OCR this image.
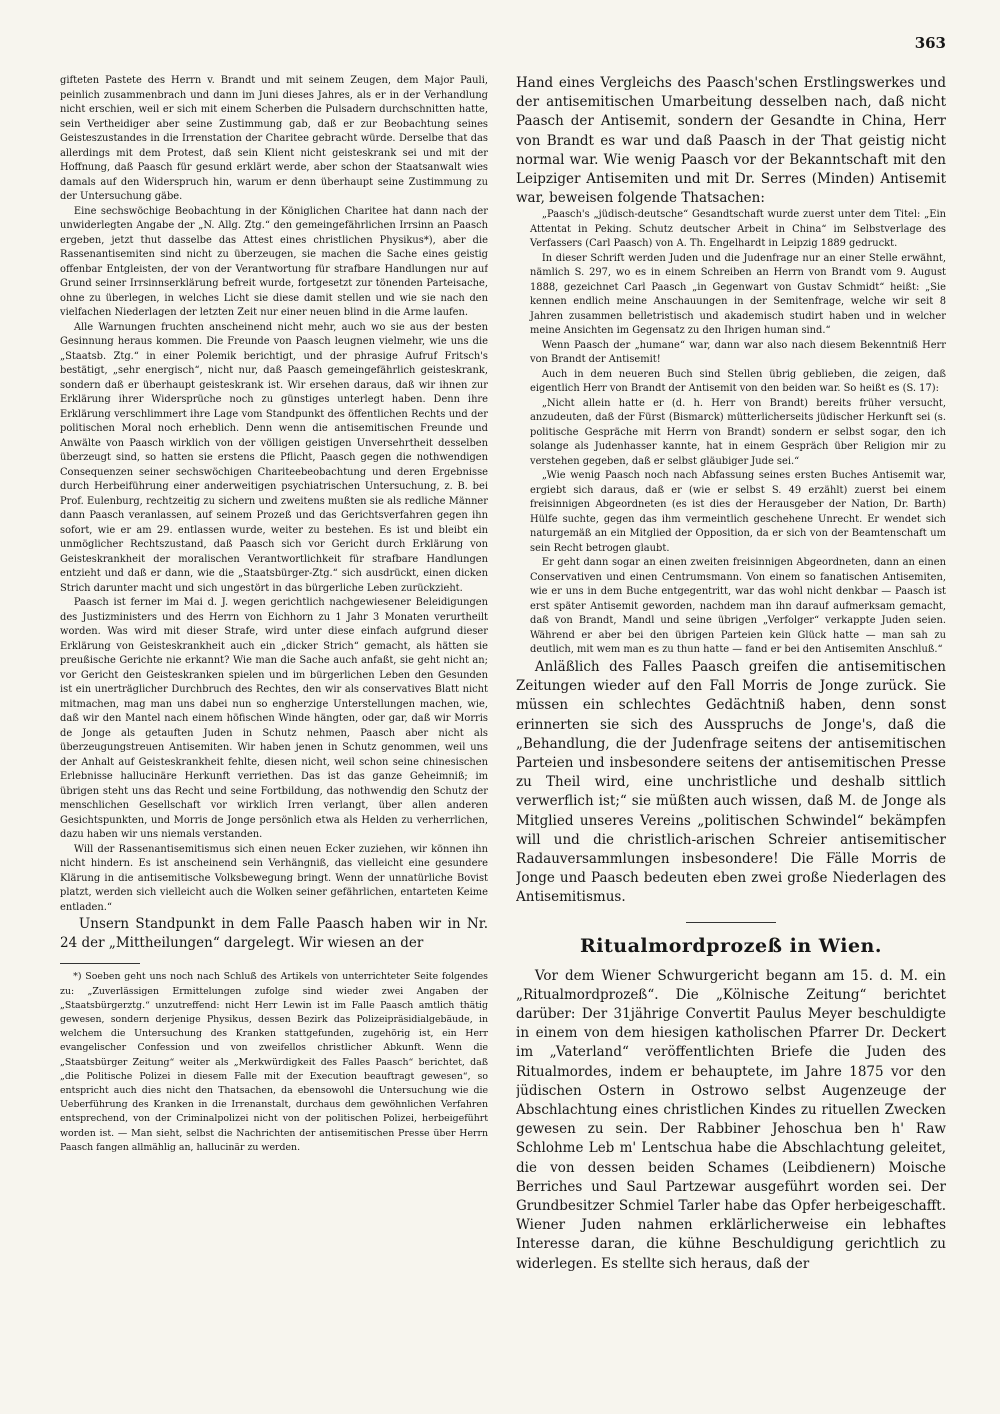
363

gifteten Pastete des Herrn v. Brandt und mit seinem Zeugen, dem Major Pauli, peinlich zusammenbrach und dann im Juni dieses Jahres, als er in der Verhandlung nicht erschien, weil er sich mit einem Scherben die Pulsadern durchschnitten hatte, sein Vertheidiger aber seine Zustimmung gab, daß er zur Beobachtung seines Geisteszustandes in die Irrenstation der Charitee gebracht würde. Derselbe that das allerdings mit dem Protest, daß sein Klient nicht geisteskrank sei und mit der Hoffnung, daß Paasch für gesund erklärt werde, aber schon der Staatsanwalt wies damals auf den Widerspruch hin, warum er denn überhaupt seine Zustimmung zu der Untersuchung gäbe.

Eine sechswöchige Beobachtung in der Königlichen Charitee hat dann nach der unwiderlegten Angabe der „N. Allg. Ztg.“ den gemeingefährlichen Irrsinn an Paasch ergeben, jetzt thut dasselbe das Attest eines christlichen Physikus*), aber die Rassenantisemiten sind nicht zu überzeugen, sie machen die Sache eines geistig offenbar Entgleisten, der von der Verantwortung für strafbare Handlungen nur auf Grund seiner Irrsinnserklärung befreit wurde, fortgesetzt zur tönenden Parteisache, ohne zu überlegen, in welches Licht sie diese damit stellen und wie sie nach den vielfachen Niederlagen der letzten Zeit nur einer neuen blind in die Arme laufen.

Alle Warnungen fruchten anscheinend nicht mehr, auch wo sie aus der besten Gesinnung heraus kommen. Die Freunde von Paasch leugnen vielmehr, wie uns die „Staatsb. Ztg.“ in einer Polemik berichtigt, und der phrasige Aufruf Fritsch's bestätigt, „sehr energisch“, nicht nur, daß Paasch gemeingefährlich geisteskrank, sondern daß er überhaupt geisteskrank ist. Wir ersehen daraus, daß wir ihnen zur Erklärung ihrer Widersprüche noch zu günstiges unterlegt haben. Denn ihre Erklärung verschlimmert ihre Lage vom Standpunkt des öffentlichen Rechts und der politischen Moral noch erheblich. Denn wenn die antisemitischen Freunde und Anwälte von Paasch wirklich von der völligen geistigen Unversehrtheit desselben überzeugt sind, so hatten sie erstens die Pflicht, Paasch gegen die nothwendigen Consequenzen seiner sechswöchigen Chariteebeobachtung und deren Ergebnisse durch Herbeiführung einer anderweitigen psychiatrischen Untersuchung, z. B. bei Prof. Eulenburg, rechtzeitig zu sichern und zweitens mußten sie als redliche Männer dann Paasch veranlassen, auf seinem Prozeß und das Gerichtsverfahren gegen ihn sofort, wie er am 29. entlassen wurde, weiter zu bestehen. Es ist und bleibt ein unmöglicher Rechtszustand, daß Paasch sich vor Gericht durch Erklärung von Geisteskrankheit der moralischen Verantwortlichkeit für strafbare Handlungen entzieht und daß er dann, wie die „Staatsbürger-Ztg.“ sich ausdrückt, einen dicken Strich darunter macht und sich ungestört in das bürgerliche Leben zurückzieht.

Paasch ist ferner im Mai d. J. wegen gerichtlich nachgewiesener Beleidigungen des Justizministers und des Herrn von Eichhorn zu 1 Jahr 3 Monaten verurtheilt worden. Was wird mit dieser Strafe, wird unter diese einfach aufgrund dieser Erklärung von Geisteskrankheit auch ein „dicker Strich“ gemacht, als hätten sie preußische Gerichte nie erkannt? Wie man die Sache auch anfaßt, sie geht nicht an; vor Gericht den Geisteskranken spielen und im bürgerlichen Leben den Gesunden ist ein unerträglicher Durchbruch des Rechtes, den wir als conservatives Blatt nicht mitmachen, mag man uns dabei nun so engherzige Unterstellungen machen, wie, daß wir den Mantel nach einem höfischen Winde hängten, oder gar, daß wir Morris de Jonge als getauften Juden in Schutz nehmen, Paasch aber nicht als überzeugungstreuen Antisemiten. Wir haben jenen in Schutz genommen, weil uns der Anhalt auf Geisteskrankheit fehlte, diesen nicht, weil schon seine chinesischen Erlebnisse hallucinäre Herkunft verriethen. Das ist das ganze Geheimniß; im übrigen steht uns das Recht und seine Fortbildung, das nothwendig den Schutz der menschlichen Gesellschaft vor wirklich Irren verlangt, über allen anderen Gesichtspunkten, und Morris de Jonge persönlich etwa als Helden zu verherrlichen, dazu haben wir uns niemals verstanden.

Will der Rassenantisemitismus sich einen neuen Ecker zuziehen, wir können ihn nicht hindern. Es ist anscheinend sein Verhängniß, das vielleicht eine gesundere Klärung in die antisemitische Volksbewegung bringt. Wenn der unnatürliche Bovist platzt, werden sich vielleicht auch die Wolken seiner gefährlichen, entarteten Keime entladen.“

Unsern Standpunkt in dem Falle Paasch haben wir in Nr. 24 der „Mittheilungen“ dargelegt. Wir wiesen an der

*) Soeben geht uns noch nach Schluß des Artikels von unterrichteter Seite folgendes zu: „Zuverlässigen Ermittelungen zufolge sind wieder zwei Angaben der „Staatsbürgerztg.“ unzutreffend: nicht Herr Lewin ist im Falle Paasch amtlich thätig gewesen, sondern derjenige Physikus, dessen Bezirk das Polizeipräsidialgebäude, in welchem die Untersuchung des Kranken stattgefunden, zugehörig ist, ein Herr evangelischer Confession und von zweifellos christlicher Abkunft. Wenn die „Staatsbürger Zeitung“ weiter als „Merkwürdigkeit des Falles Paasch“ berichtet, daß „die Politische Polizei in diesem Falle mit der Execution beauftragt gewesen“, so entspricht auch dies nicht den Thatsachen, da ebensowohl die Untersuchung wie die Ueberführung des Kranken in die Irrenanstalt, durchaus dem gewöhnlichen Verfahren entsprechend, von der Criminalpolizei nicht von der politischen Polizei, herbeigeführt worden ist. — Man sieht, selbst die Nachrichten der antisemitischen Presse über Herrn Paasch fangen allmählig an, hallucinär zu werden.

Hand eines Vergleichs des Paasch'schen Erstlingswerkes und der antisemitischen Umarbeitung desselben nach, daß nicht Paasch der Antisemit, sondern der Gesandte in China, Herr von Brandt es war und daß Paasch in der That geistig nicht normal war. Wie wenig Paasch vor der Bekanntschaft mit den Leipziger Antisemiten und mit Dr. Serres (Minden) Antisemit war, beweisen folgende Thatsachen:

„Paasch's „jüdisch-deutsche“ Gesandtschaft wurde zuerst unter dem Titel: „Ein Attentat in Peking. Schutz deutscher Arbeit in China“ im Selbstverlage des Verfassers (Carl Paasch) von A. Th. Engelhardt in Leipzig 1889 gedruckt.

In dieser Schrift werden Juden und die Judenfrage nur an einer Stelle erwähnt, nämlich S. 297, wo es in einem Schreiben an Herrn von Brandt vom 9. August 1888, gezeichnet Carl Paasch „in Gegenwart von Gustav Schmidt“ heißt: „Sie kennen endlich meine Anschauungen in der Semitenfrage, welche wir seit 8 Jahren zusammen belletristisch und akademisch studirt haben und in welcher meine Ansichten im Gegensatz zu den Ihrigen human sind.“

Wenn Paasch der „humane“ war, dann war also nach diesem Bekenntniß Herr von Brandt der Antisemit!

Auch in dem neueren Buch sind Stellen übrig geblieben, die zeigen, daß eigentlich Herr von Brandt der Antisemit von den beiden war. So heißt es (S. 17):

„Nicht allein hatte er (d. h. Herr von Brandt) bereits früher versucht, anzudeuten, daß der Fürst (Bismarck) mütterlicherseits jüdischer Herkunft sei (s. politische Gespräche mit Herrn von Brandt) sondern er selbst sogar, den ich solange als Judenhasser kannte, hat in einem Gespräch über Religion mir zu verstehen gegeben, daß er selbst gläubiger Jude sei.“

„Wie wenig Paasch noch nach Abfassung seines ersten Buches Antisemit war, ergiebt sich daraus, daß er (wie er selbst S. 49 erzählt) zuerst bei einem freisinnigen Abgeordneten (es ist dies der Herausgeber der Nation, Dr. Barth) Hülfe suchte, gegen das ihm vermeintlich geschehene Unrecht. Er wendet sich naturgemäß an ein Mitglied der Opposition, da er sich von der Beamtenschaft um sein Recht betrogen glaubt.

Er geht dann sogar an einen zweiten freisinnigen Abgeordneten, dann an einen Conservativen und einen Centrumsmann. Von einem so fanatischen Antisemiten, wie er uns in dem Buche entgegentritt, war das wohl nicht denkbar — Paasch ist erst später Antisemit geworden, nachdem man ihn darauf aufmerksam gemacht, daß von Brandt, Mandl und seine übrigen „Verfolger“ verkappte Juden seien. Während er aber bei den übrigen Parteien kein Glück hatte — man sah zu deutlich, mit wem man es zu thun hatte — fand er bei den Antisemiten Anschluß.“

Anläßlich des Falles Paasch greifen die antisemitischen Zeitungen wieder auf den Fall Morris de Jonge zurück. Sie müssen ein schlechtes Gedächtniß haben, denn sonst erinnerten sie sich des Ausspruchs de Jonge's, daß die „Behandlung, die der Judenfrage seitens der antisemitischen Parteien und insbesondere seitens der antisemitischen Presse zu Theil wird, eine unchristliche und deshalb sittlich verwerflich ist;“ sie müßten auch wissen, daß M. de Jonge als Mitglied unseres Vereins „politischen Schwindel“ bekämpfen will und die christlich-arischen Schreier antisemitischer Radauversammlungen insbesondere! Die Fälle Morris de Jonge und Paasch bedeuten eben zwei große Niederlagen des Antisemitismus.

Ritualmordprozeß in Wien.

Vor dem Wiener Schwurgericht begann am 15. d. M. ein „Ritualmordprozeß“. Die „Kölnische Zeitung“ berichtet darüber: Der 31jährige Convertit Paulus Meyer beschuldigte in einem von dem hiesigen katholischen Pfarrer Dr. Deckert im „Vaterland“ veröffentlichten Briefe die Juden des Ritualmordes, indem er behauptete, im Jahre 1875 vor den jüdischen Ostern in Ostrowo selbst Augenzeuge der Abschlachtung eines christlichen Kindes zu rituellen Zwecken gewesen zu sein. Der Rabbiner Jehoschua ben h' Raw Schlohme Leb m' Lentschua habe die Abschlachtung geleitet, die von dessen beiden Schames (Leibdienern) Moische Berriches und Saul Partzewar ausgeführt worden sei. Der Grundbesitzer Schmiel Tarler habe das Opfer herbeigeschafft. Wiener Juden nahmen erklärlicherweise ein lebhaftes Interesse daran, die kühne Beschuldigung gerichtlich zu widerlegen. Es stellte sich heraus, daß der
